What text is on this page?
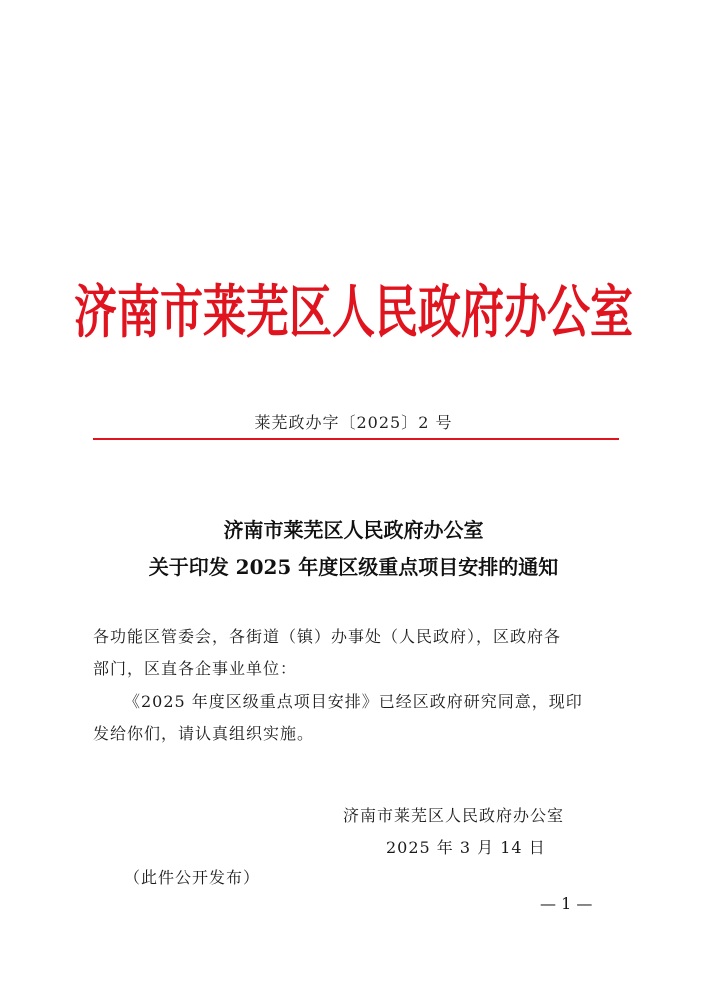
济南市莱芜区人民政府办公室
莱芜政办字〔2025〕2 号
济南市莱芜区人民政府办公室
关于印发 2025 年度区级重点项目安排的通知
各功能区管委会，各街道（镇）办事处（人民政府），区政府各
部门，区直各企事业单位：
《2025 年度区级重点项目安排》已经区政府研究同意，现印
发给你们，请认真组织实施。
济南市莱芜区人民政府办公室
2025 年 3 月 14 日
（此件公开发布）
— 1 —
